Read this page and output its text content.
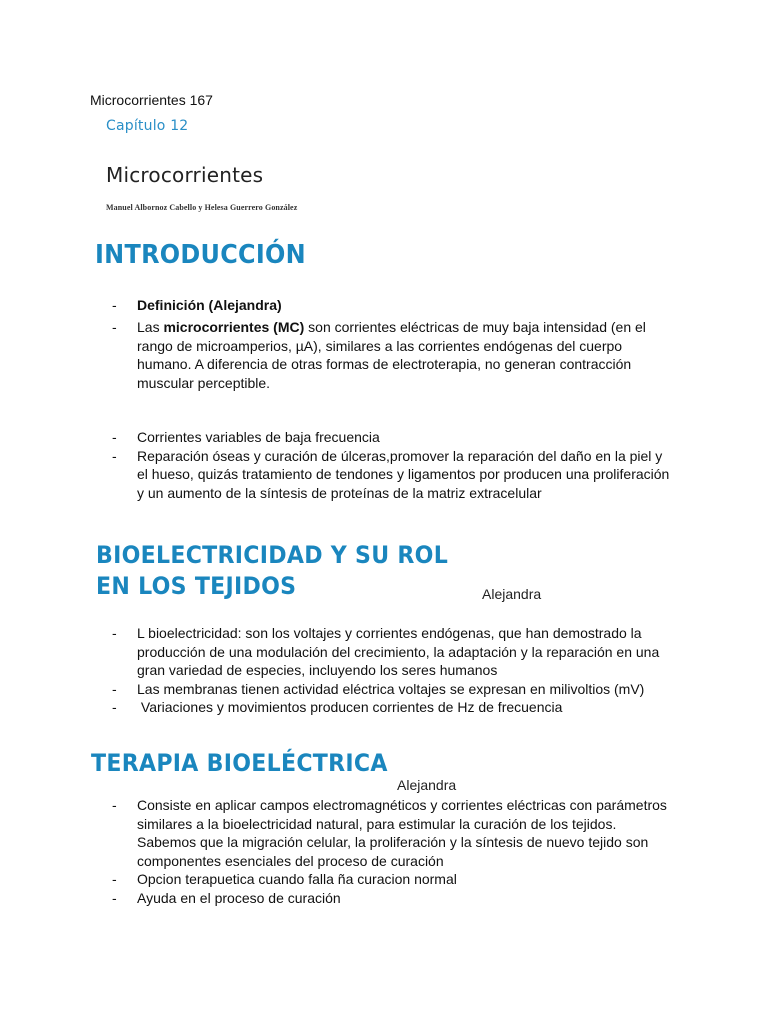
Microcorrientes 167
Capítulo 12
Microcorrientes
Manuel Albornoz Cabello y Helesa Guerrero González
INTRODUCCIÓN
- Definición (Alejandra)
- Las microcorrientes (MC) son corrientes eléctricas de muy baja intensidad (en el rango de microamperios, µA), similares a las corrientes endógenas del cuerpo humano. A diferencia de otras formas de electroterapia, no generan contracción muscular perceptible.
- Corrientes variables de baja frecuencia
- Reparación óseas y curación de úlceras,promover la reparación del daño en la piel y el hueso, quizás tratamiento de tendones y ligamentos por producen una proliferación y un aumento de la síntesis de proteínas de la matriz extracelular
BIOELECTRICIDAD Y SU ROL
EN LOS TEJIDOS	Alejandra
- L bioelectricidad: son los voltajes y corrientes endógenas, que han demostrado la producción de una modulación del crecimiento, la adaptación y la reparación en una gran variedad de especies, incluyendo los seres humanos
- Las membranas tienen actividad eléctrica voltajes se expresan en milivoltios (mV)
- Variaciones y movimientos producen corrientes de Hz de frecuencia
TERAPIA BIOELÉCTRICA
Alejandra
- Consiste en aplicar campos electromagnéticos y corrientes eléctricas con parámetros similares a la bioelectricidad natural, para estimular la curación de los tejidos. Sabemos que la migración celular, la proliferación y la síntesis de nuevo tejido son componentes esenciales del proceso de curación
- Opcion terapuetica cuando falla ña curacion normal
- Ayuda en el proceso de curación
